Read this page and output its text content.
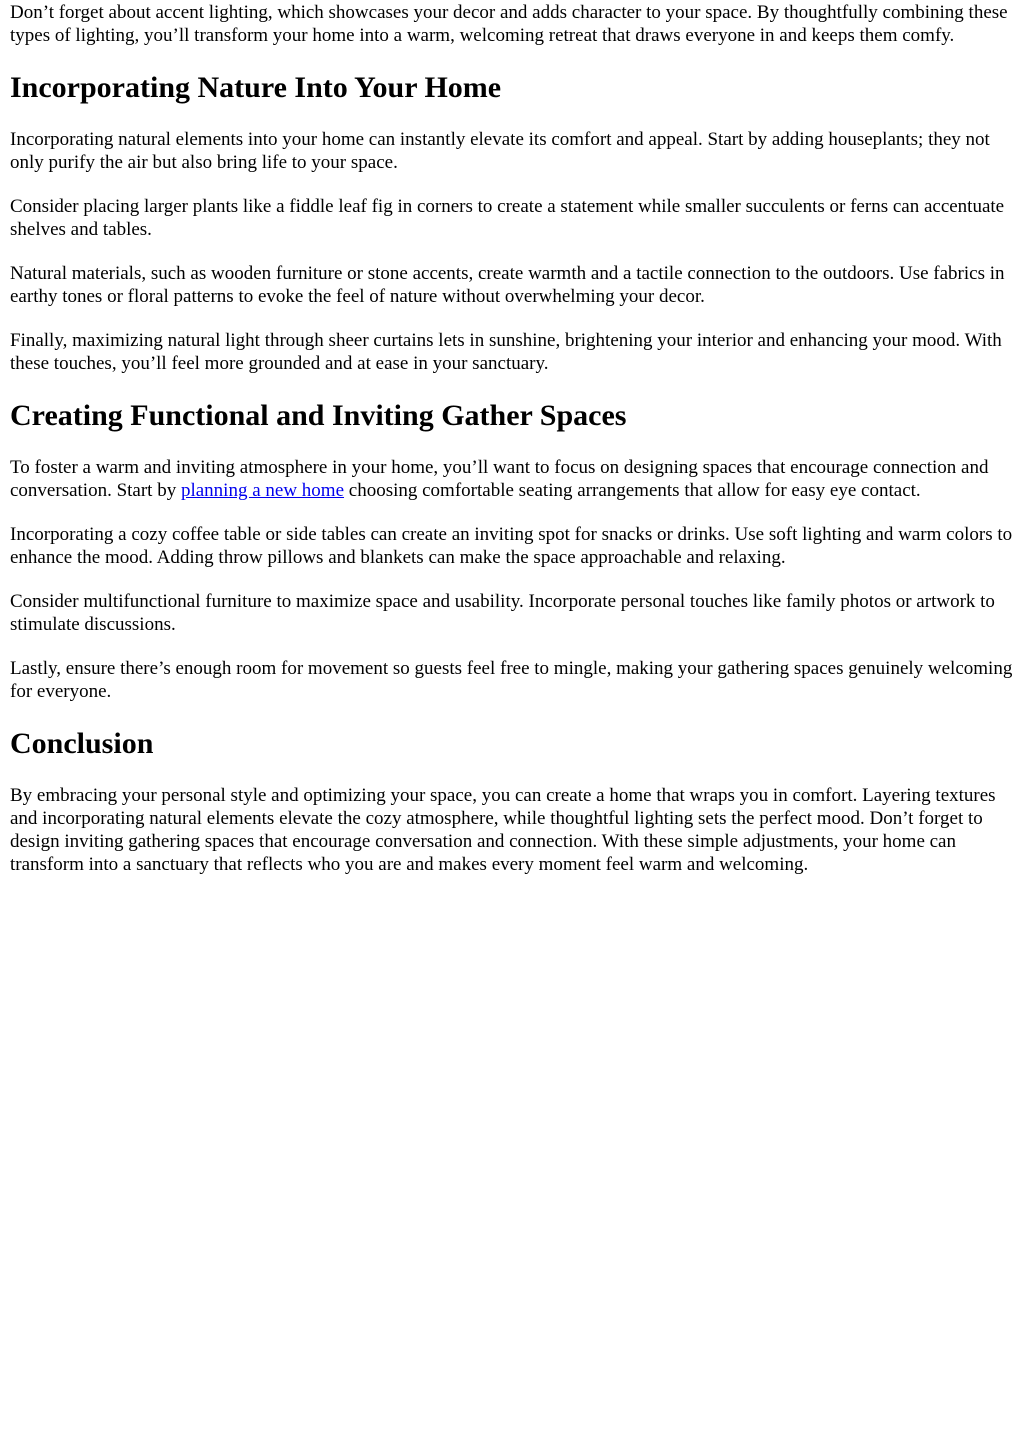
Don’t forget about accent lighting, which showcases your decor and adds character to your space. By thoughtfully combining these types of lighting, you’ll transform your home into a warm, welcoming retreat that draws everyone in and keeps them comfy.

Incorporating Nature Into Your Home

Incorporating natural elements into your home can instantly elevate its comfort and appeal. Start by adding houseplants; they not only purify the air but also bring life to your space.

Consider placing larger plants like a fiddle leaf fig in corners to create a statement while smaller succulents or ferns can accentuate shelves and tables.

Natural materials, such as wooden furniture or stone accents, create warmth and a tactile connection to the outdoors. Use fabrics in earthy tones or floral patterns to evoke the feel of nature without overwhelming your decor.

Finally, maximizing natural light through sheer curtains lets in sunshine, brightening your interior and enhancing your mood. With these touches, you’ll feel more grounded and at ease in your sanctuary.

Creating Functional and Inviting Gather Spaces

To foster a warm and inviting atmosphere in your home, you’ll want to focus on designing spaces that encourage connection and conversation. Start by planning a new home choosing comfortable seating arrangements that allow for easy eye contact.

Incorporating a cozy coffee table or side tables can create an inviting spot for snacks or drinks. Use soft lighting and warm colors to enhance the mood. Adding throw pillows and blankets can make the space approachable and relaxing.

Consider multifunctional furniture to maximize space and usability. Incorporate personal touches like family photos or artwork to stimulate discussions.

Lastly, ensure there’s enough room for movement so guests feel free to mingle, making your gathering spaces genuinely welcoming for everyone.

Conclusion

By embracing your personal style and optimizing your space, you can create a home that wraps you in comfort. Layering textures and incorporating natural elements elevate the cozy atmosphere, while thoughtful lighting sets the perfect mood. Don’t forget to design inviting gathering spaces that encourage conversation and connection. With these simple adjustments, your home can transform into a sanctuary that reflects who you are and makes every moment feel warm and welcoming.
